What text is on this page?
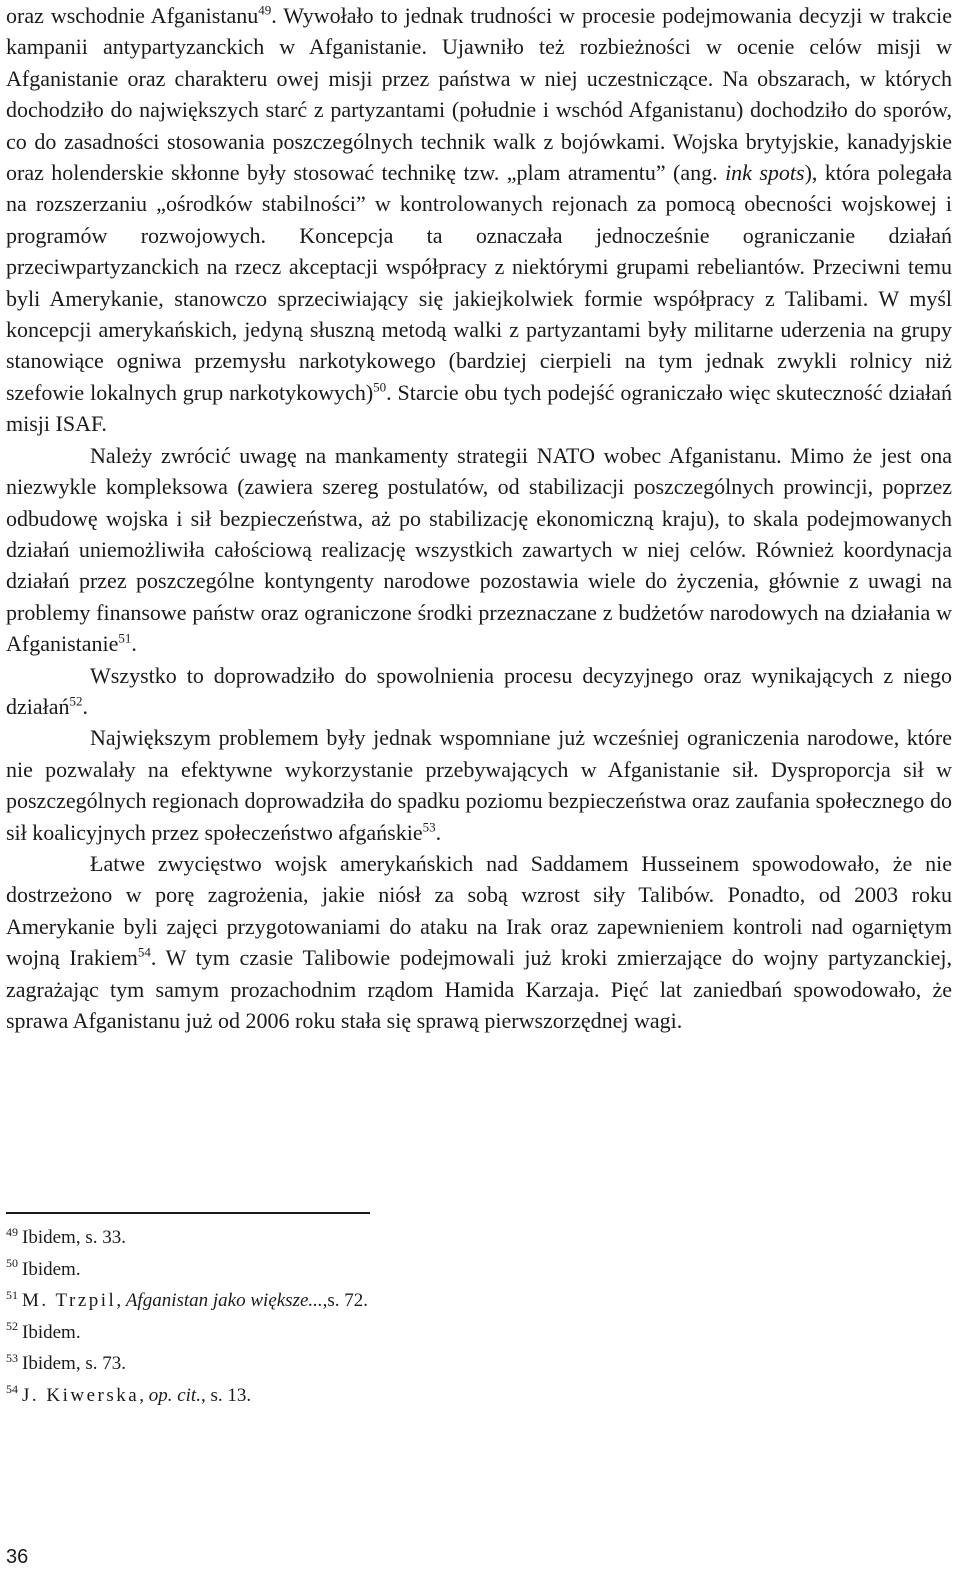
oraz wschodnie Afganistanu$^{49}$. Wywołało to jednak trudności w procesie podejmowania decyzji w trakcie kampanii antypartyzanckich w Afganistanie. Ujawniło też rozbieżności w ocenie celów misji w Afganistanie oraz charakteru owej misji przez państwa w niej uczestniczące. Na obszarach, w których dochodziło do największych starć z partyzantami (południe i wschód Afganistanu) dochodziło do sporów, co do zasadności stosowania poszczególnych technik walk z bojówkami. Wojska brytyjskie, kanadyjskie oraz holenderskie skłonne były stosować technikę tzw. „plam atramentu” (ang. ink spots), która polegała na rozszerzaniu „ośrodków stabilności” w kontrolowanych rejonach za pomocą obecności wojskowej i programów rozwojowych. Koncepcja ta oznaczała jednocześnie ograniczanie działań przeciwpartyzanckich na rzecz akceptacji współpracy z niektórymi grupami rebeliantów. Przeciwni temu byli Amerykanie, stanowczo sprzeciwiający się jakiejkolwiek formie współpracy z Talibami. W myśl koncepcji amerykańskich, jedyną słuszną metodą walki z partyzantami były militarne uderzenia na grupy stanowiące ogniwa przemysłu narkotykowego (bardziej cierpieli na tym jednak zwykli rolnicy niż szefowie lokalnych grup narkotykowych)$^{50}$. Starcie obu tych podejść ograniczało więc skuteczność działań misji ISAF.

Należy zwrócić uwagę na mankamenty strategii NATO wobec Afganistanu. Mimo że jest ona niezwykle kompleksowa (zawiera szereg postulatów, od stabilizacji poszczególnych prowincji, poprzez odbudowę wojska i sił bezpieczeństwa, aż po stabilizację ekonomiczną kraju), to skala podejmowanych działań uniemożliwiła całościową realizację wszystkich zawartych w niej celów. Również koordynacja działań przez poszczególne kontyngenty narodowe pozostawia wiele do życzenia, głównie z uwagi na problemy finansowe państw oraz ograniczone środki przeznaczane z budżetów narodowych na działania w Afganistanie$^{51}$.

Wszystko to doprowadziło do spowolnienia procesu decyzyjnego oraz wynikających z niego działań$^{52}$.

Największym problemem były jednak wspomniane już wcześniej ograniczenia narodowe, które nie pozwalały na efektywne wykorzystanie przebywających w Afganistanie sił. Dysproporcja sił w poszczególnych regionach doprowadziła do spadku poziomu bezpieczeństwa oraz zaufania społecznego do sił koalicyjnych przez społeczeństwo afgańskie$^{53}$.

Łatwe zwycięstwo wojsk amerykańskich nad Saddamem Husseinem spowodowało, że nie dostrzeżono w porę zagrożenia, jakie niósł za sobą wzrost siły Talibów. Ponadto, od 2003 roku Amerykanie byli zajęci przygotowaniami do ataku na Irak oraz zapewnieniem kontroli nad ogarniętym wojną Irakiem$^{54}$. W tym czasie Talibowie podejmowali już kroki zmierzające do wojny partyzanckiej, zagrażając tym samym prozachodnim rządom Hamida Karzaja. Pięć lat zaniedbań spowodowało, że sprawa Afganistanu już od 2006 roku stała się sprawą pierwszorzędnej wagi.

$^{49}$ Ibidem, s. 33.
$^{50}$ Ibidem.
$^{51}$ M. Trzpil, Afganistan jako większe...,s. 72.
$^{52}$ Ibidem.
$^{53}$ Ibidem, s. 73.
$^{54}$ J. Kiwerska, op. cit., s. 13.
36
